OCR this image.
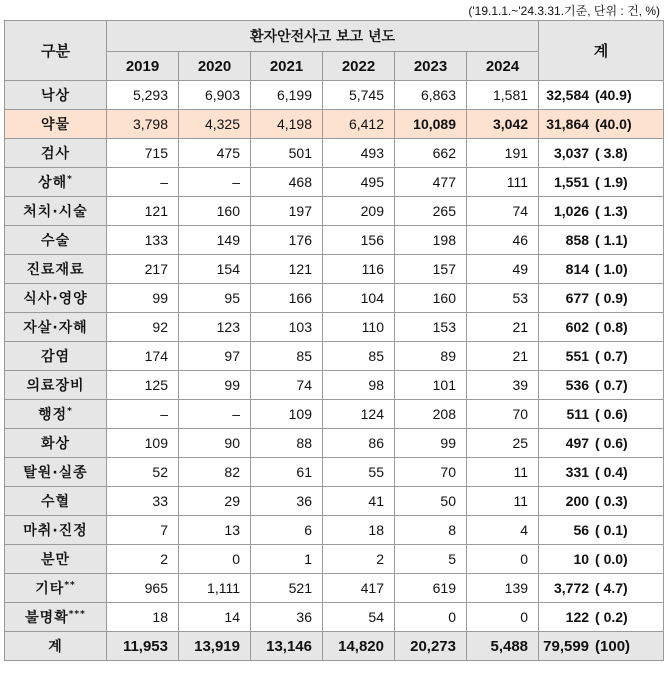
('19.1.1.~'24.3.31.기준, 단위 : 건, %)
구분	환자안전사고 보고 년도						계
	2019	2020	2021	2022	2023	2024	
낙상	5,293	6,903	6,199	5,745	6,863	1,581	32,584 (40.9)
약물	3,798	4,325	4,198	6,412	10,089	3,042	31,864 (40.0)
검사	715	475	501	493	662	191	3,037 ( 3.8)
상해*	–	–	468	495	477	111	1,551 ( 1.9)
처치·시술	121	160	197	209	265	74	1,026 ( 1.3)
수술	133	149	176	156	198	46	858 ( 1.1)
진료재료	217	154	121	116	157	49	814 ( 1.0)
식사·영양	99	95	166	104	160	53	677 ( 0.9)
자살·자해	92	123	103	110	153	21	602 ( 0.8)
감염	174	97	85	85	89	21	551 ( 0.7)
의료장비	125	99	74	98	101	39	536 ( 0.7)
행정*	–	–	109	124	208	70	511 ( 0.6)
화상	109	90	88	86	99	25	497 ( 0.6)
탈원·실종	52	82	61	55	70	11	331 ( 0.4)
수혈	33	29	36	41	50	11	200 ( 0.3)
마취·진정	7	13	6	18	8	4	56 ( 0.1)
분만	2	0	1	2	5	0	10 ( 0.0)
기타**	965	1,111	521	417	619	139	3,772 ( 4.7)
불명확***	18	14	36	54	0	0	122 ( 0.2)
계	11,953	13,919	13,146	14,820	20,273	5,488	79,599 (100)
